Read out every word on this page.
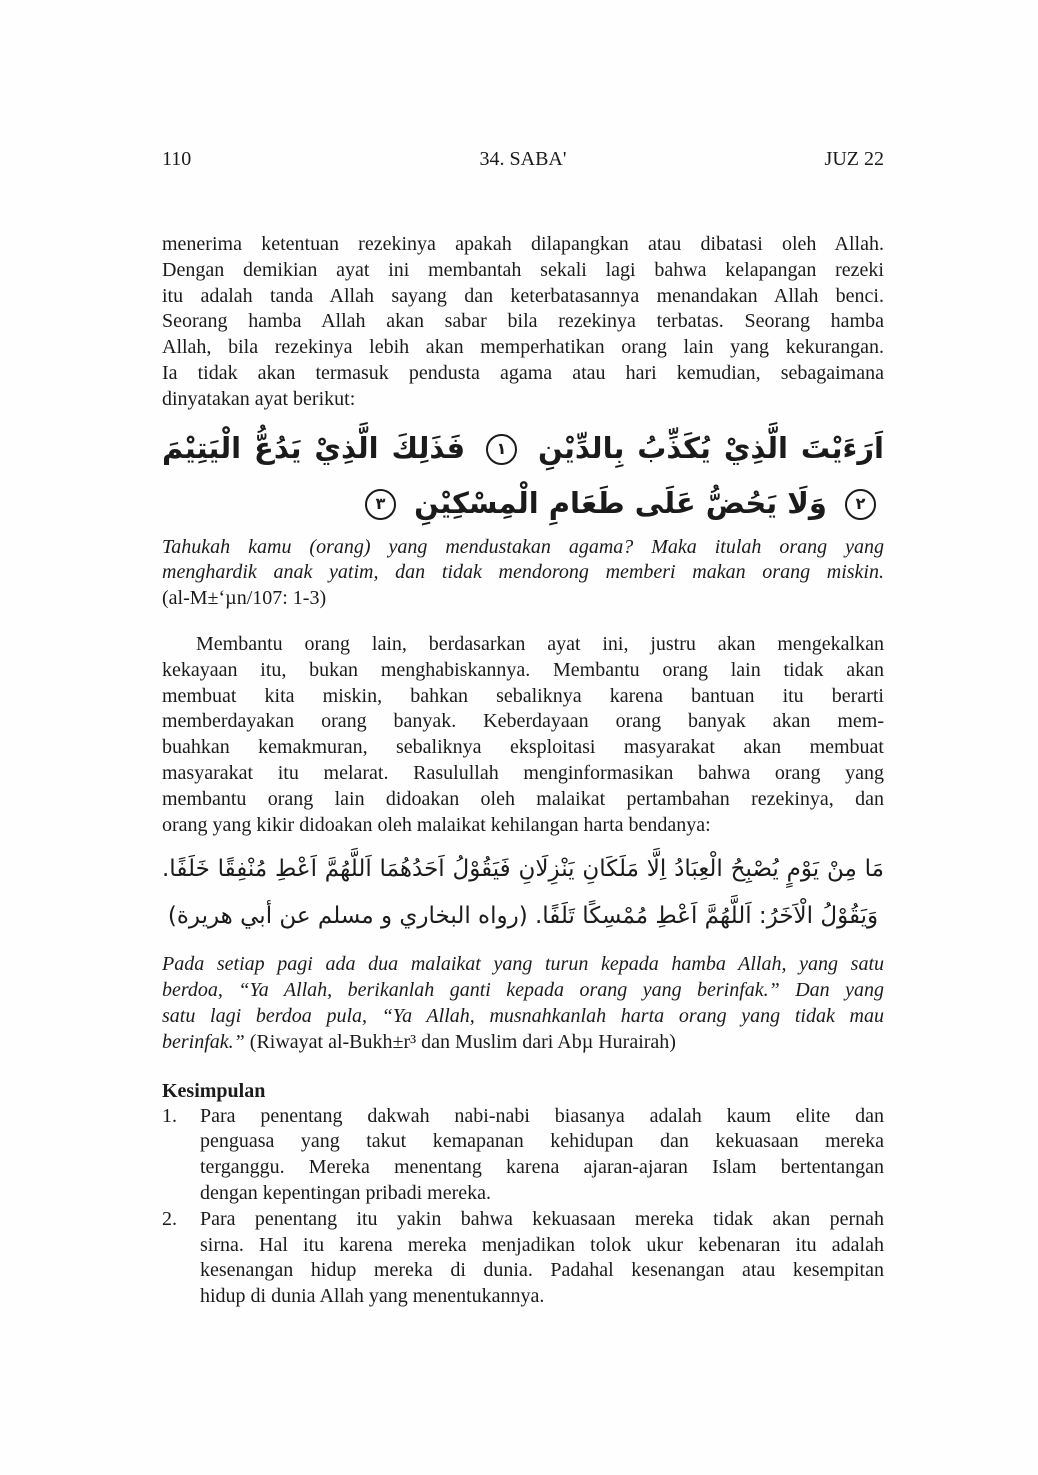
34. SABA'
110	JUZ 22
menerima ketentuan rezekinya apakah dilapangkan atau dibatasi oleh Allah.
Dengan demikian ayat ini membantah sekali lagi bahwa kelapangan rezeki
itu adalah tanda Allah sayang dan keterbatasannya menandakan Allah benci.
Seorang hamba Allah akan sabar bila rezekinya terbatas. Seorang hamba
Allah, bila rezekinya lebih akan memperhatikan orang lain yang kekurangan.
Ia tidak akan termasuk pendusta agama atau hari kemudian, sebagaimana
dinyatakan ayat berikut:
اَرَءَيْتَ الَّذِيْ يُكَذِّبُ بِالدِّيْنِ ١ فَذَلِكَ الَّذِيْ يَدُعُّ الْيَتِيْمَ ٢ وَلَا يَحُضُّ عَلَى طَعَامِ الْمِسْكِيْنِ ٣
Tahukah kamu (orang) yang mendustakan agama? Maka itulah orang yang
menghardik anak yatim, dan tidak mendorong memberi makan orang miskin.
(al-M±‘µn/107: 1-3)
Membantu orang lain, berdasarkan ayat ini, justru akan mengekalkan
kekayaan itu, bukan menghabiskannya. Membantu orang lain tidak akan
membuat kita miskin, bahkan sebaliknya karena bantuan itu berarti
memberdayakan orang banyak. Keberdayaan orang banyak akan mem-
buahkan kemakmuran, sebaliknya eksploitasi masyarakat akan membuat
masyarakat itu melarat. Rasulullah menginformasikan bahwa orang yang
membantu orang lain didoakan oleh malaikat pertambahan rezekinya, dan
orang yang kikir didoakan oleh malaikat kehilangan harta bendanya:
مَا مِنْ يَوْمٍ يُصْبِحُ الْعِبَادُ اِلَّا مَلَكَانِ يَنْزِلَانِ فَيَقُوْلُ اَحَدُهُمَا اَللَّهُمَّ اَعْطِ مُنْفِقًا خَلَفًا. وَيَقُوْلُ الْاَخَرُ: اَللَّهُمَّ اَعْطِ مُمْسِكًا تَلَفًا. (رواه البخاري و مسلم عن أبي هريرة)
Pada setiap pagi ada dua malaikat yang turun kepada hamba Allah, yang satu
berdoa, “Ya Allah, berikanlah ganti kepada orang yang berinfak.” Dan yang
satu lagi berdoa pula, “Ya Allah, musnahkanlah harta orang yang tidak mau
berinfak.” (Riwayat al-Bukh±r³ dan Muslim dari Abµ Hurairah)
Kesimpulan
1.	Para penentang dakwah nabi-nabi biasanya adalah kaum elite dan
penguasa yang takut kemapanan kehidupan dan kekuasaan mereka
terganggu. Mereka menentang karena ajaran-ajaran Islam bertentangan
dengan kepentingan pribadi mereka.
2.	Para penentang itu yakin bahwa kekuasaan mereka tidak akan pernah
sirna. Hal itu karena mereka menjadikan tolok ukur kebenaran itu adalah
kesenangan hidup mereka di dunia. Padahal kesenangan atau kesempitan
hidup di dunia Allah yang menentukannya.
